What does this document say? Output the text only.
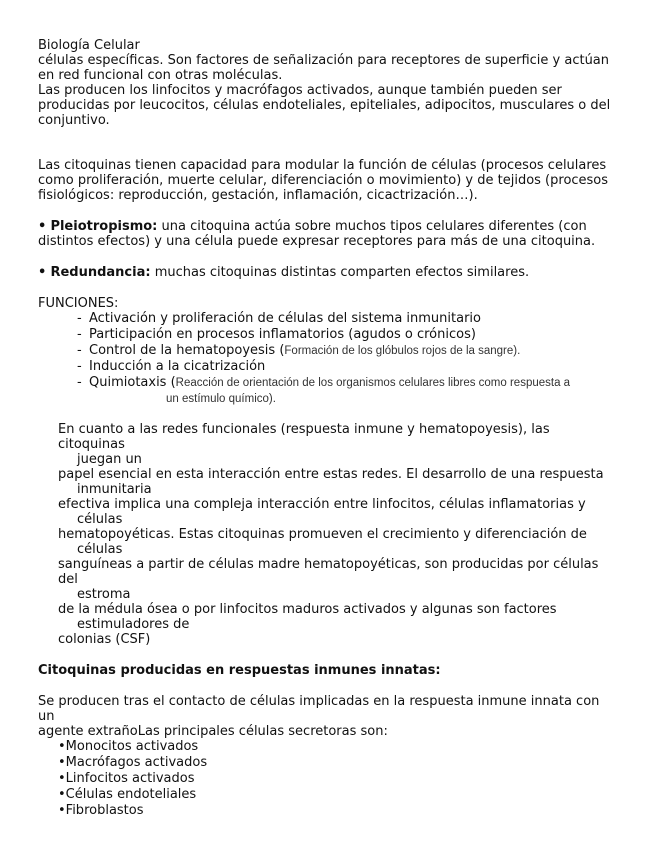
Biología Celular

células específicas. Son factores de señalización para receptores de superficie y actúan

en red funcional con otras moléculas.

Las producen los linfocitos y macrófagos activados, aunque también pueden ser

producidas por leucocitos, células endoteliales, epiteliales, adipocitos, musculares o del

conjuntivo.

Las citoquinas tienen capacidad para modular la función de células (procesos celulares

como proliferación, muerte celular, diferenciación o movimiento) y de tejidos (procesos

fisiológicos: reproducción, gestación, inflamación, cicactrización…).

• Pleiotropismo: una citoquina actúa sobre muchos tipos celulares diferentes (con

distintos efectos) y una célula puede expresar receptores para más de una citoquina.

• Redundancia: muchas citoquinas distintas comparten efectos similares.

FUNCIONES:

- Activación y proliferación de células del sistema inmunitario
- Participación en procesos inflamatorios (agudos o crónicos)
- Control de la hematopoyesis (Formación de los glóbulos rojos de la sangre).
- Inducción a la cicatrización
- Quimiotaxis (Reacción de orientación de los organismos celulares libres como respuesta a
un estímulo químico).
En cuanto a las redes funcionales (respuesta inmune y hematopoyesis), las citoquinas
juegan un
papel esencial en esta interacción entre estas redes. El desarrollo de una respuesta
inmunitaria
efectiva implica una compleja interacción entre linfocitos, células inflamatorias y
células
hematopoyéticas. Estas citoquinas promueven el crecimiento y diferenciación de
células
sanguíneas a partir de células madre hematopoyéticas, son producidas por células del
estroma
de la médula ósea o por linfocitos maduros activados y algunas son factores
estimuladores de
colonias (CSF)

Citoquinas producidas en respuestas inmunes innatas:

Se producen tras el contacto de células implicadas en la respuesta inmune innata con un

agente extrañoLas principales células secretoras son:

•Monocitos activados
•Macrófagos activados
•Linfocitos activados
•Células endoteliales
•Fibroblastos
